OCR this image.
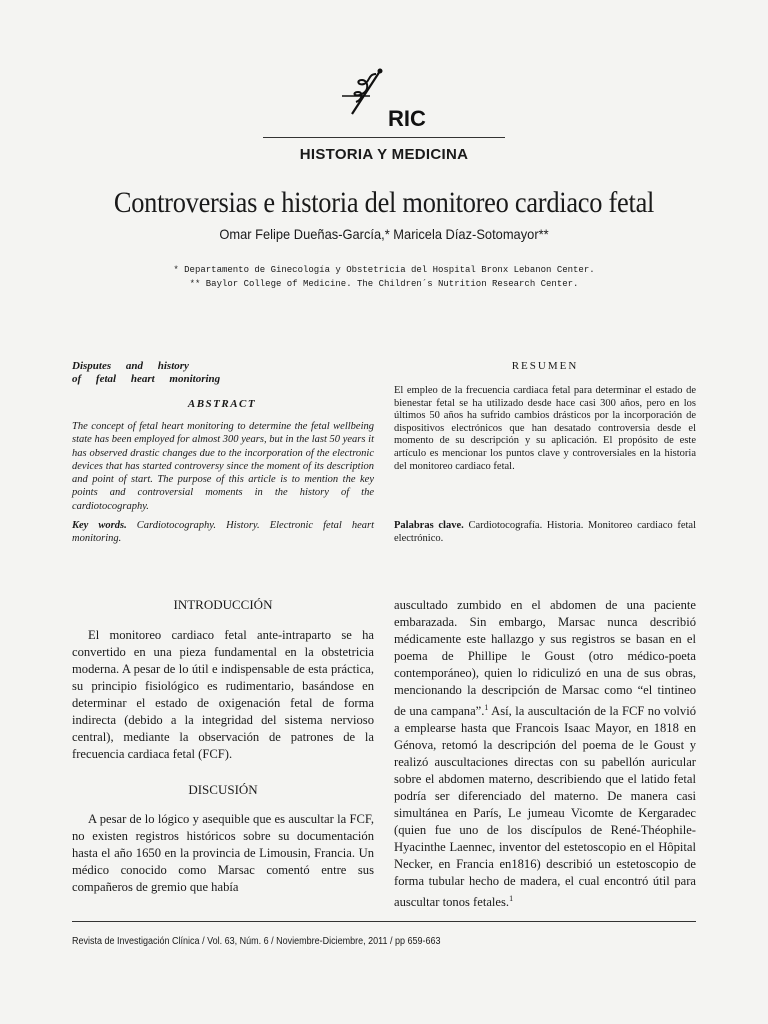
RIC
HISTORIA Y MEDICINA
Controversias e historia del monitoreo cardiaco fetal
Omar Felipe Dueñas-García,* Maricela Díaz-Sotomayor**
* Departamento de Ginecología y Obstetricia del Hospital Bronx Lebanon Center.
** Baylor College of Medicine. The Children´s Nutrition Research Center.
Disputes and history
of fetal heart monitoring
ABSTRACT
The concept of fetal heart monitoring to determine the fetal wellbeing state has been employed for almost 300 years, but in the last 50 years it has observed drastic changes due to the incorporation of the electronic devices that has started controversy since the moment of its description and point of start. The purpose of this article is to mention the key points and controversial moments in the history of the cardiotocography.
Key words. Cardiotocography. History. Electronic fetal heart monitoring.
RESUMEN
El empleo de la frecuencia cardiaca fetal para determinar el estado de bienestar fetal se ha utilizado desde hace casi 300 años, pero en los últimos 50 años ha sufrido cambios drásticos por la incorporación de dispositivos electrónicos que han desatado controversia desde el momento de su descripción y su aplicación. El propósito de este artículo es mencionar los puntos clave y controversiales en la historia del monitoreo cardiaco fetal.
Palabras clave. Cardiotocografía. Historia. Monitoreo cardiaco fetal electrónico.
INTRODUCCIÓN
El monitoreo cardiaco fetal ante-intraparto se ha convertido en una pieza fundamental en la obstetricia moderna. A pesar de lo útil e indispensable de esta práctica, su principio fisiológico es rudimentario, basándose en determinar el estado de oxigenación fetal de forma indirecta (debido a la integridad del sistema nervioso central), mediante la observación de patrones de la frecuencia cardiaca fetal (FCF).
DISCUSIÓN
A pesar de lo lógico y asequible que es auscultar la FCF, no existen registros históricos sobre su documentación hasta el año 1650 en la provincia de Limousin, Francia. Un médico conocido como Marsac comentó entre sus compañeros de gremio que había
auscultado zumbido en el abdomen de una paciente embarazada. Sin embargo, Marsac nunca describió médicamente este hallazgo y sus registros se basan en el poema de Phillipe le Goust (otro médico-poeta contemporáneo), quien lo ridiculizó en una de sus obras, mencionando la descripción de Marsac como “el tintineo de una campana”.$^1$ Así, la auscultación de la FCF no volvió a emplearse hasta que Francois Isaac Mayor, en 1818 en Génova, retomó la descripción del poema de le Goust y realizó auscultaciones directas con su pabellón auricular sobre el abdomen materno, describiendo que el latido fetal podría ser diferenciado del materno. De manera casi simultánea en París, Le jumeau Vicomte de Kergaradec (quien fue uno de los discípulos de René-Théophile-Hyacinthe Laennec, inventor del estetoscopio en el Hôpital Necker, en Francia en1816) describió un estetoscopio de forma tubular hecho de madera, el cual encontró útil para auscultar tonos fetales.$^1$
Revista de Investigación Clínica / Vol. 63, Núm. 6 / Noviembre-Diciembre, 2011 / pp 659-663
